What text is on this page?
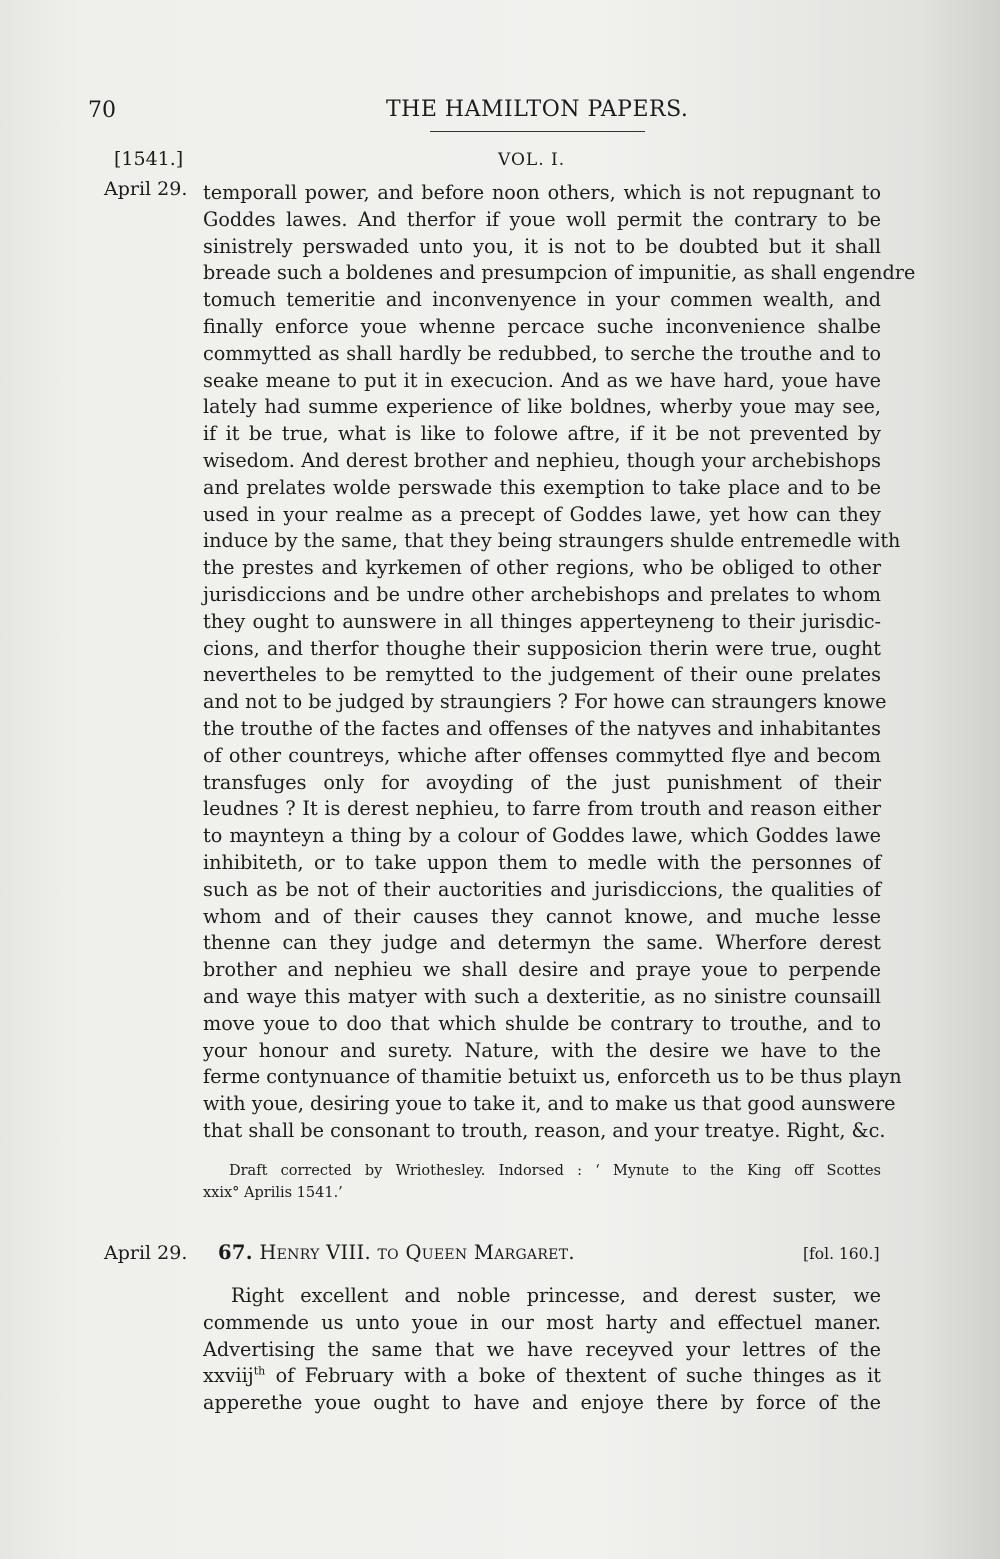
70	THE HAMILTON PAPERS.
[1541.]	VOL. I.
April 29. temporall power, and before noon others, which is not repugnant to
Goddes lawes. And therfor if youe woll permit the contrary to be
sinistrely perswaded unto you, it is not to be doubted but it shall
breade such a boldenes and presumpcion of impunitie, as shall engendre
tomuch temeritie and inconvenyence in your commen wealth, and
finally enforce youe whenne percace suche inconvenience shalbe
commytted as shall hardly be redubbed, to serche the trouthe and to
seake meane to put it in execucion. And as we have hard, youe have
lately had summe experience of like boldnes, wherby youe may see,
if it be true, what is like to folowe aftre, if it be not prevented by
wisedom. And derest brother and nephieu, though your archebishops
and prelates wolde perswade this exemption to take place and to be
used in your realme as a precept of Goddes lawe, yet how can they
induce by the same, that they being straungers shulde entremedle with
the prestes and kyrkemen of other regions, who be obliged to other
jurisdiccions and be undre other archebishops and prelates to whom
they ought to aunswere in all thinges apperteyneng to their jurisdic-
cions, and therfor thoughe their supposicion therin were true, ought
nevertheles to be remytted to the judgement of their oune prelates
and not to be judged by straungiers ? For howe can straungers knowe
the trouthe of the factes and offenses of the natyves and inhabitantes
of other countreys, whiche after offenses commytted flye and becom
transfuges only for avoyding of the just punishment of their
leudnes ? It is derest nephieu, to farre from trouth and reason either
to maynteyn a thing by a colour of Goddes lawe, which Goddes lawe
inhibiteth, or to take uppon them to medle with the personnes of
such as be not of their auctorities and jurisdiccions, the qualities of
whom and of their causes they cannot knowe, and muche lesse
thenne can they judge and determyn the same. Wherfore derest
brother and nephieu we shall desire and praye youe to perpende
and waye this matyer with such a dexteritie, as no sinistre counsaill
move youe to doo that which shulde be contrary to trouthe, and to
your honour and surety. Nature, with the desire we have to the
ferme contynuance of thamitie betuixt us, enforceth us to be thus playn
with youe, desiring youe to take it, and to make us that good aunswere
that shall be consonant to trouth, reason, and your treatye. Right, &c.
Draft corrected by Wriothesley. Indorsed : ‘ Mynute to the King off Scottes
xxix° Aprilis 1541.’
April 29. 67. Henry VIII. to Queen Margaret.	[fol. 160.]
Right excellent and noble princesse, and derest suster, we
commende us unto youe in our most harty and effectuel maner.
Advertising the same that we have receyved your lettres of the
xxviij$^{th}$ of February with a boke of thextent of suche thinges as it
apperethe youe ought to have and enjoye there by force of the
